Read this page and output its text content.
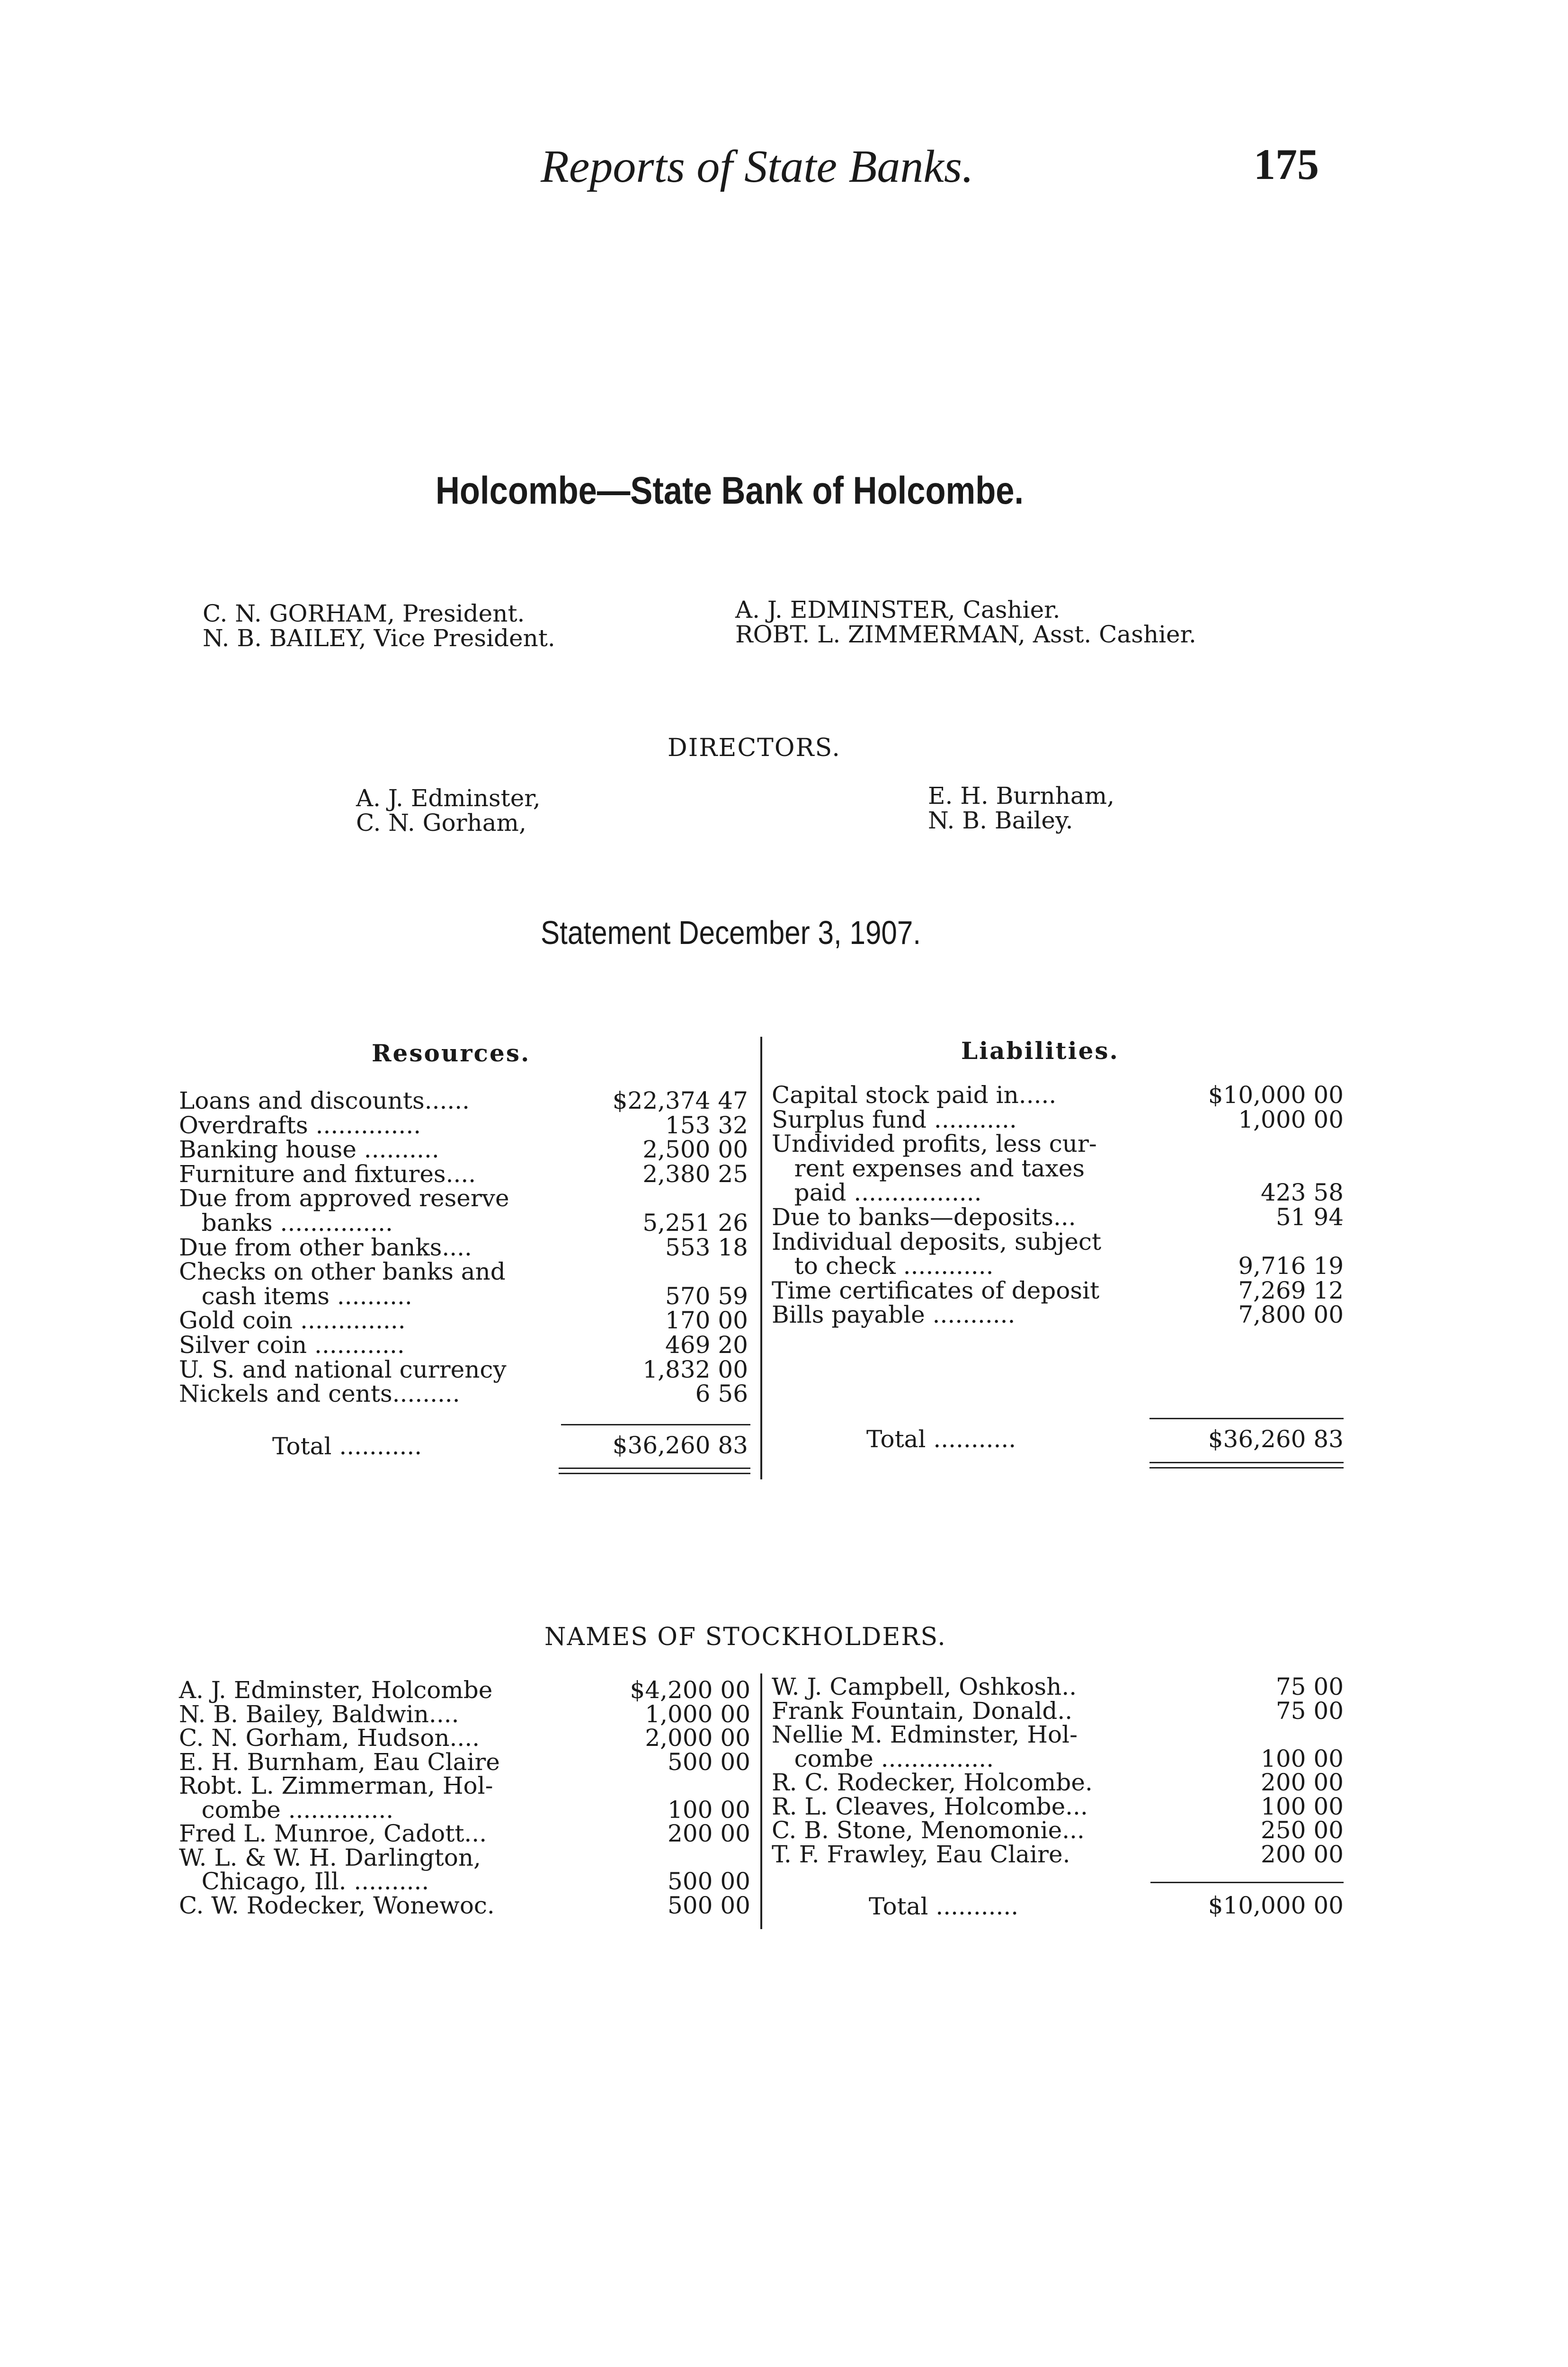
Reports of State Banks.	175
Holcombe—State Bank of Holcombe.
C. N. GORHAM, President.
N. B. BAILEY, Vice President.
A. J. EDMINSTER, Cashier.
ROBT. L. ZIMMERMAN, Asst. Cashier.
DIRECTORS.
A. J. Edminster,
C. N. Gorham,
E. H. Burnham,
N. B. Bailey.
Statement December 3, 1907.
Resources.	Liabilities.
Loans and discounts......	$22,374 47
Overdrafts ..............	153 32
Banking house ..........	2,500 00
Furniture and fixtures....	2,380 25
Due from approved reserve
banks ...............	5,251 26
Due from other banks....	553 18
Checks on other banks and
cash items ..........	570 59
Gold coin ..............	170 00
Silver coin ............	469 20
U. S. and national currency	1,832 00
Nickels and cents.........	6 56
Capital stock paid in.....	$10,000 00
Surplus fund ...........	1,000 00
Undivided profits, less cur-
rent expenses and taxes
paid .................	423 58
Due to banks—deposits...	51 94
Individual deposits, subject
to check ............	9,716 19
Time certificates of deposit	7,269 12
Bills payable ...........	7,800 00
Total ...........	$36,260 83	Total ...........	$36,260 83
NAMES OF STOCKHOLDERS.
A. J. Edminster, Holcombe	$4,200 00
N. B. Bailey, Baldwin....	1,000 00
C. N. Gorham, Hudson....	2,000 00
E. H. Burnham, Eau Claire	500 00
Robt. L. Zimmerman, Hol-
combe ..............	100 00
Fred L. Munroe, Cadott...	200 00
W. L. & W. H. Darlington,
Chicago, Ill. ..........	500 00
C. W. Rodecker, Wonewoc.	500 00
W. J. Campbell, Oshkosh..	75 00
Frank Fountain, Donald..	75 00
Nellie M. Edminster, Hol-
combe ...............	100 00
R. C. Rodecker, Holcombe.	200 00
R. L. Cleaves, Holcombe...	100 00
C. B. Stone, Menomonie...	250 00
T. F. Frawley, Eau Claire.	200 00
Total ...........	$10,000 00
